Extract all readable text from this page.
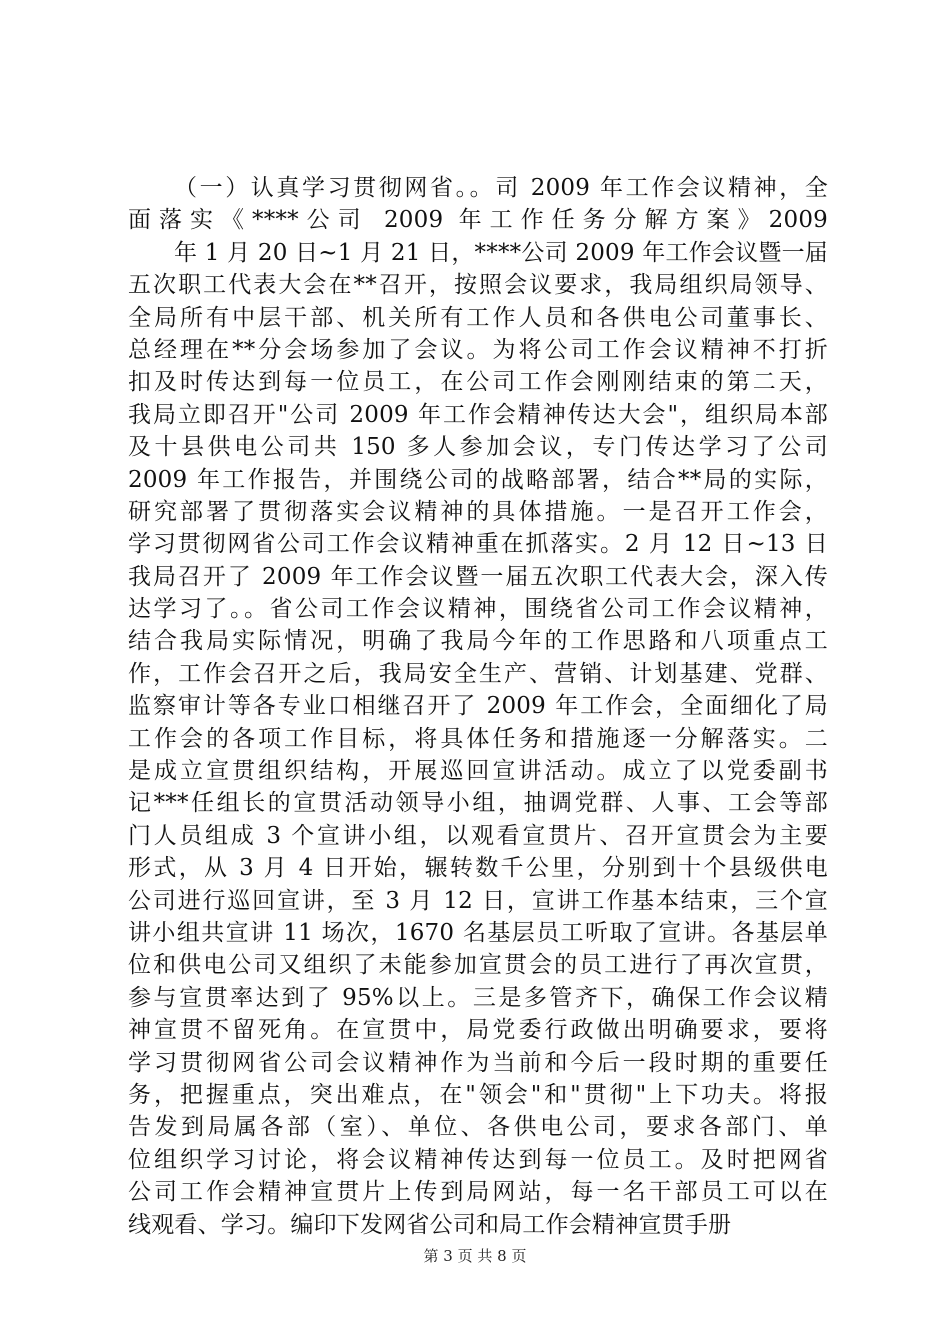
（一）认真学习贯彻网省。。司 2009 年工作会议精神，全
面落实《****公司 2009 年工作任务分解方案》2009
年 1 月 20 日~1 月 21 日，****公司 2009 年工作会议暨一届
五次职工代表大会在**召开，按照会议要求，我局组织局领导、
全局所有中层干部、机关所有工作人员和各供电公司董事长、
总经理在**分会场参加了会议。为将公司工作会议精神不打折
扣及时传达到每一位员工，在公司工作会刚刚结束的第二天，
我局立即召开"公司 2009 年工作会精神传达大会"，组织局本部
及十县供电公司共 150 多人参加会议，专门传达学习了公司
2009 年工作报告，并围绕公司的战略部署，结合**局的实际，
研究部署了贯彻落实会议精神的具体措施。一是召开工作会，
学习贯彻网省公司工作会议精神重在抓落实。2 月 12 日~13 日
我局召开了 2009 年工作会议暨一届五次职工代表大会，深入传
达学习了。。省公司工作会议精神，围绕省公司工作会议精神，
结合我局实际情况，明确了我局今年的工作思路和八项重点工
作，工作会召开之后，我局安全生产、营销、计划基建、党群、
监察审计等各专业口相继召开了 2009 年工作会，全面细化了局
工作会的各项工作目标，将具体任务和措施逐一分解落实。二
是成立宣贯组织结构，开展巡回宣讲活动。成立了以党委副书
记***任组长的宣贯活动领导小组，抽调党群、人事、工会等部
门人员组成 3 个宣讲小组，以观看宣贯片、召开宣贯会为主要
形式，从 3 月 4 日开始，辗转数千公里，分别到十个县级供电
公司进行巡回宣讲，至 3 月 12 日，宣讲工作基本结束，三个宣
讲小组共宣讲 11 场次，1670 名基层员工听取了宣讲。各基层单
位和供电公司又组织了未能参加宣贯会的员工进行了再次宣贯，
参与宣贯率达到了 95%以上。三是多管齐下，确保工作会议精
神宣贯不留死角。在宣贯中，局党委行政做出明确要求，要将
学习贯彻网省公司会议精神作为当前和今后一段时期的重要任
务，把握重点，突出难点，在"领会"和"贯彻"上下功夫。将报
告发到局属各部（室）、单位、各供电公司，要求各部门、单
位组织学习讨论，将会议精神传达到每一位员工。及时把网省
公司工作会精神宣贯片上传到局网站，每一名干部员工可以在
线观看、学习。编印下发网省公司和局工作会精神宣贯手册
第 3 页 共 8 页
